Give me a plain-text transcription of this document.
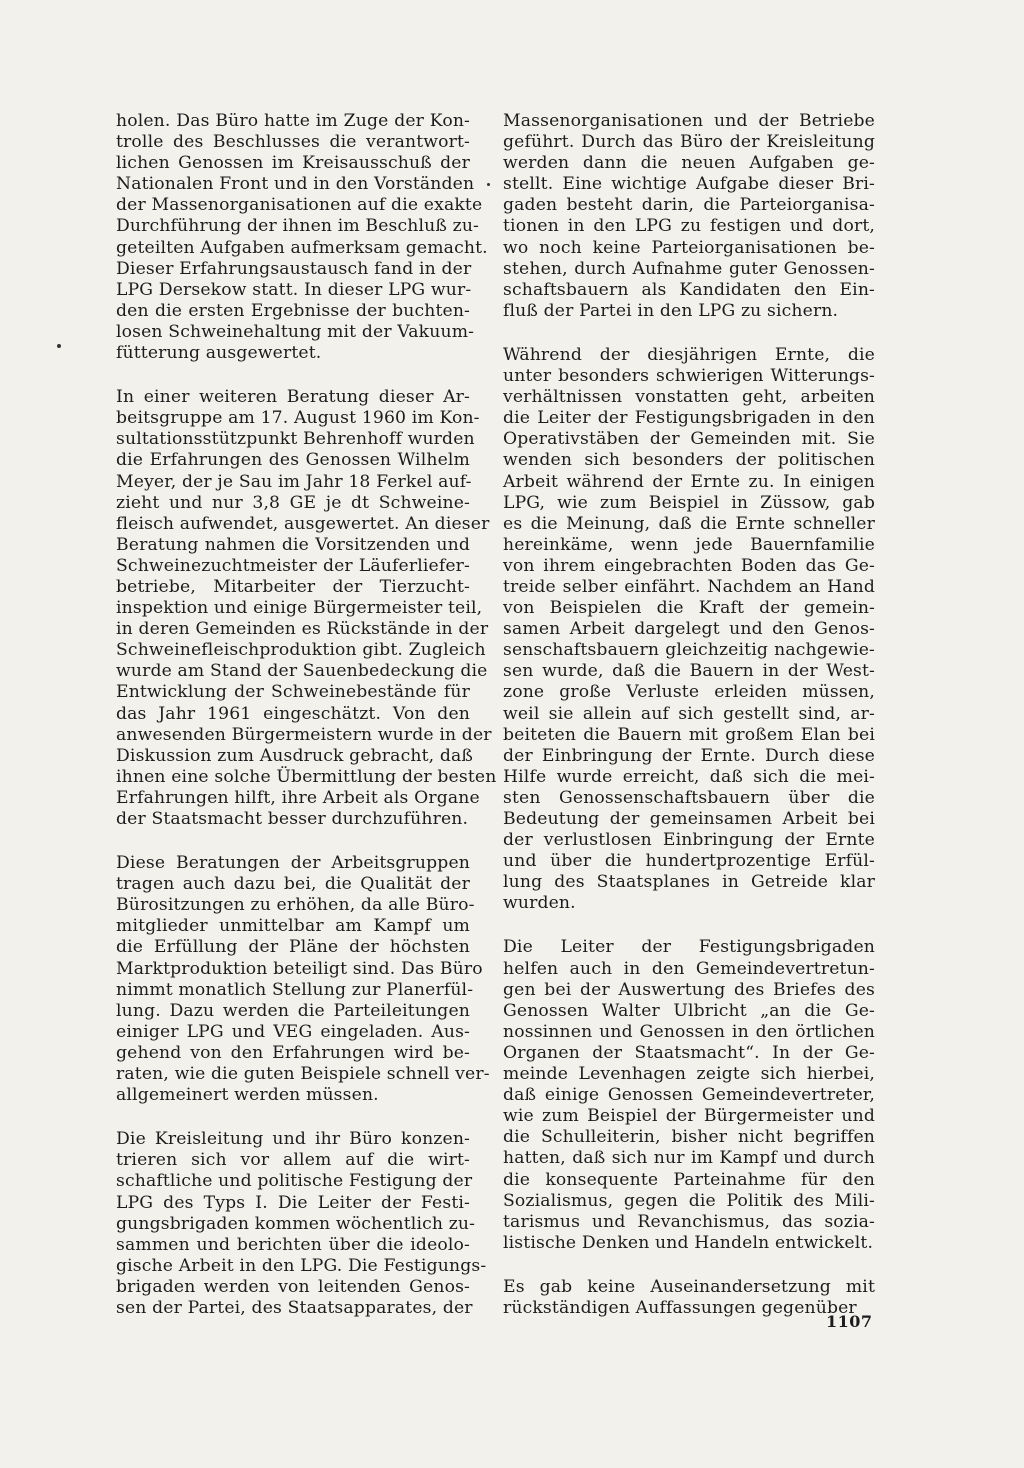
holen. Das Büro hatte im Zuge der Kon-
trolle des Beschlusses die verantwort-
lichen Genossen im Kreisausschuß der
Nationalen Front und in den Vorständen
der Massenorganisationen auf die exakte
Durchführung der ihnen im Beschluß zu-
geteilten Aufgaben aufmerksam gemacht.
Dieser Erfahrungsaustausch fand in der
LPG Dersekow statt. In dieser LPG wur-
den die ersten Ergebnisse der buchten-
losen Schweinehaltung mit der Vakuum-
fütterung ausgewertet.

In einer weiteren Beratung dieser Ar-
beitsgruppe am 17. August 1960 im Kon-
sultationsstützpunkt Behrenhoff wurden
die Erfahrungen des Genossen Wilhelm
Meyer, der je Sau im Jahr 18 Ferkel auf-
zieht und nur 3,8 GE je dt Schweine-
fleisch aufwendet, ausgewertet. An dieser
Beratung nahmen die Vorsitzenden und
Schweinezuchtmeister der Läuferliefer-
betriebe, Mitarbeiter der Tierzucht-
inspektion und einige Bürgermeister teil,
in deren Gemeinden es Rückstände in der
Schweinefleischproduktion gibt. Zugleich
wurde am Stand der Sauenbedeckung die
Entwicklung der Schweinebestände für
das Jahr 1961 eingeschätzt. Von den
anwesenden Bürgermeistern wurde in der
Diskussion zum Ausdruck gebracht, daß
ihnen eine solche Übermittlung der besten
Erfahrungen hilft, ihre Arbeit als Organe
der Staatsmacht besser durchzuführen.

Diese Beratungen der Arbeitsgruppen
tragen auch dazu bei, die Qualität der
Bürositzungen zu erhöhen, da alle Büro-
mitglieder unmittelbar am Kampf um
die Erfüllung der Pläne der höchsten
Marktproduktion beteiligt sind. Das Büro
nimmt monatlich Stellung zur Planerfül-
lung. Dazu werden die Parteileitungen
einiger LPG und VEG eingeladen. Aus-
gehend von den Erfahrungen wird be-
raten, wie die guten Beispiele schnell ver-
allgemeinert werden müssen.

Die Kreisleitung und ihr Büro konzen-
trieren sich vor allem auf die wirt-
schaftliche und politische Festigung der
LPG des Typs I. Die Leiter der Festi-
gungsbrigaden kommen wöchentlich zu-
sammen und berichten über die ideolo-
gische Arbeit in den LPG. Die Festigungs-
brigaden werden von leitenden Genos-
sen der Partei, des Staatsapparates, der

Massenorganisationen und der Betriebe
geführt. Durch das Büro der Kreisleitung
werden dann die neuen Aufgaben ge-
stellt. Eine wichtige Aufgabe dieser Bri-
gaden besteht darin, die Parteiorganisa-
tionen in den LPG zu festigen und dort,
wo noch keine Parteiorganisationen be-
stehen, durch Aufnahme guter Genossen-
schaftsbauern als Kandidaten den Ein-
fluß der Partei in den LPG zu sichern.

Während der diesjährigen Ernte, die
unter besonders schwierigen Witterungs-
verhältnissen vonstatten geht, arbeiten
die Leiter der Festigungsbrigaden in den
Operativstäben der Gemeinden mit. Sie
wenden sich besonders der politischen
Arbeit während der Ernte zu. In einigen
LPG, wie zum Beispiel in Züssow, gab
es die Meinung, daß die Ernte schneller
hereinkäme, wenn jede Bauernfamilie
von ihrem eingebrachten Boden das Ge-
treide selber einfährt. Nachdem an Hand
von Beispielen die Kraft der gemein-
samen Arbeit dargelegt und den Genos-
senschaftsbauern gleichzeitig nachgewie-
sen wurde, daß die Bauern in der West-
zone große Verluste erleiden müssen,
weil sie allein auf sich gestellt sind, ar-
beiteten die Bauern mit großem Elan bei
der Einbringung der Ernte. Durch diese
Hilfe wurde erreicht, daß sich die mei-
sten Genossenschaftsbauern über die
Bedeutung der gemeinsamen Arbeit bei
der verlustlosen Einbringung der Ernte
und über die hundertprozentige Erfül-
lung des Staatsplanes in Getreide klar
wurden.

Die Leiter der Festigungsbrigaden
helfen auch in den Gemeindevertretun-
gen bei der Auswertung des Briefes des
Genossen Walter Ulbricht „an die Ge-
nossinnen und Genossen in den örtlichen
Organen der Staatsmacht“. In der Ge-
meinde Levenhagen zeigte sich hierbei,
daß einige Genossen Gemeindevertreter,
wie zum Beispiel der Bürgermeister und
die Schulleiterin, bisher nicht begriffen
hatten, daß sich nur im Kampf und durch
die konsequente Parteinahme für den
Sozialismus, gegen die Politik des Mili-
tarismus und Revanchismus, das sozia-
listische Denken und Handeln entwickelt.

Es gab keine Auseinandersetzung mit
rückständigen Auffassungen gegenüber

1107
